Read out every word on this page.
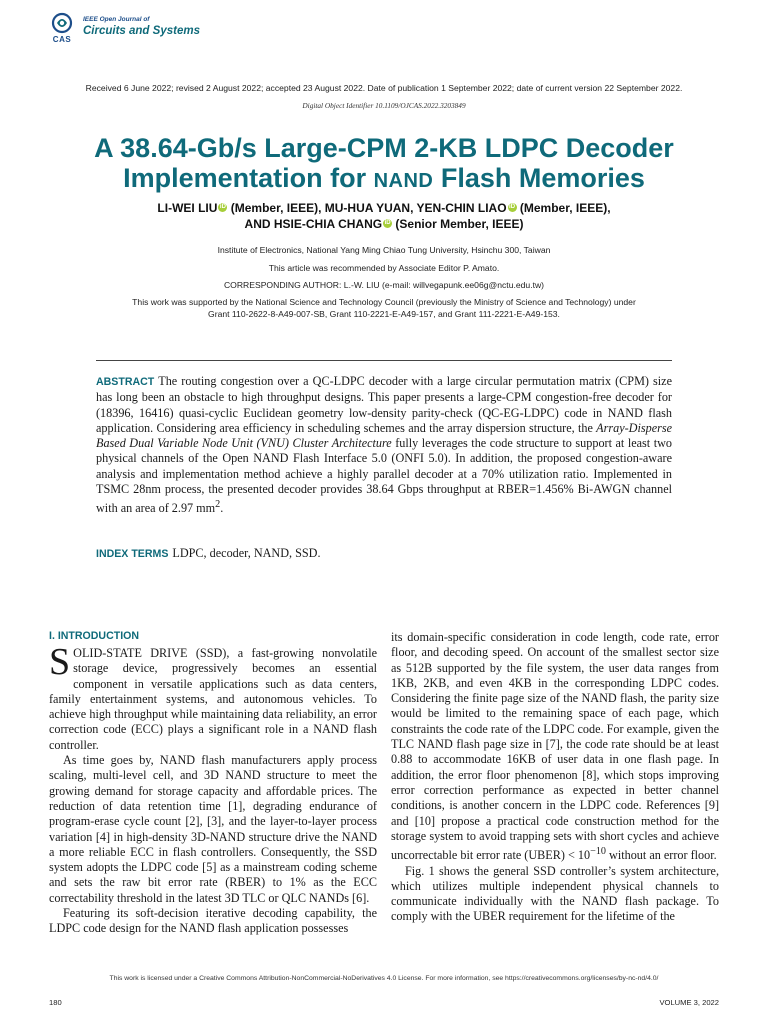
CAS
IEEE Open Journal of
Circuits and Systems
Received 6 June 2022; revised 2 August 2022; accepted 23 August 2022. Date of publication 1 September 2022; date of current version 22 September 2022.
Digital Object Identifier 10.1109/OJCAS.2022.3203849
A 38.64-Gb/s Large-CPM 2-KB LDPC Decoder
Implementation for NAND Flash Memories
LI-WEI LIU iD (Member, IEEE), MU-HUA YUAN, YEN-CHIN LIAO iD (Member, IEEE),
AND HSIE-CHIA CHANG iD (Senior Member, IEEE)
Institute of Electronics, National Yang Ming Chiao Tung University, Hsinchu 300, Taiwan
This article was recommended by Associate Editor P. Amato.
CORRESPONDING AUTHOR: L.-W. LIU (e-mail: willvegapunk.ee06g@nctu.edu.tw)
This work was supported by the National Science and Technology Council (previously the Ministry of Science and Technology) under
Grant 110-2622-8-A49-007-SB, Grant 110-2221-E-A49-157, and Grant 111-2221-E-A49-153.
ABSTRACT The routing congestion over a QC-LDPC decoder with a large circular permutation matrix (CPM) size has long been an obstacle to high throughput designs. This paper presents a large-CPM congestion-free decoder for (18396, 16416) quasi-cyclic Euclidean geometry low-density parity-check (QC-EG-LDPC) code in NAND flash application. Considering area efficiency in scheduling schemes and the array dispersion structure, the Array-Disperse Based Dual Variable Node Unit (VNU) Cluster Architecture fully leverages the code structure to support at least two physical channels of the Open NAND Flash Interface 5.0 (ONFI 5.0). In addition, the proposed congestion-aware analysis and implementation method achieve a highly parallel decoder at a 70% utilization ratio. Implemented in TSMC 28nm process, the presented decoder provides 38.64 Gbps throughput at RBER=1.456% Bi-AWGN channel with an area of 2.97 $mm^2$.
INDEX TERMS LDPC, decoder, NAND, SSD.
I. INTRODUCTION

SOLID-STATE DRIVE (SSD), a fast-growing nonvolatile storage device, progressively becomes an essential component in versatile applications such as data centers, family entertainment systems, and autonomous vehicles. To achieve high throughput while maintaining data reliability, an error correction code (ECC) plays a significant role in a NAND flash controller.

As time goes by, NAND flash manufacturers apply process scaling, multi-level cell, and 3D NAND structure to meet the growing demand for storage capacity and affordable prices. The reduction of data retention time [1], degrading endurance of program-erase cycle count [2], [3], and the layer-to-layer process variation [4] in high-density 3D-NAND structure drive the NAND a more reliable ECC in flash controllers. Consequently, the SSD system adopts the LDPC code [5] as a mainstream coding scheme and sets the raw bit error rate (RBER) to 1% as the ECC correctability threshold in the latest 3D TLC or QLC NANDs [6].

Featuring its soft-decision iterative decoding capability, the LDPC code design for the NAND flash application possesses

its domain-specific consideration in code length, code rate, error floor, and decoding speed. On account of the smallest sector size as 512B supported by the file system, the user data ranges from 1KB, 2KB, and even 4KB in the corresponding LDPC codes. Considering the finite page size of the NAND flash, the parity size would be limited to the remaining space of each page, which constraints the code rate of the LDPC code. For example, given the TLC NAND flash page size in [7], the code rate should be at least 0.88 to accommodate 16KB of user data in one flash page. In addition, the error floor phenomenon [8], which stops improving error correction performance as expected in better channel conditions, is another concern in the LDPC code. References [9] and [10] propose a practical code construction method for the storage system to avoid trapping sets with short cycles and achieve uncorrectable bit error rate (UBER) < $10^{-10}$ without an error floor.

Fig. 1 shows the general SSD controller’s system architecture, which utilizes multiple independent physical channels to communicate individually with the NAND flash package. To comply with the UBER requirement for the lifetime of the

This work is licensed under a Creative Commons Attribution-NonCommercial-NoDerivatives 4.0 License. For more information, see https://creativecommons.org/licenses/by-nc-nd/4.0/
180	VOLUME 3, 2022
